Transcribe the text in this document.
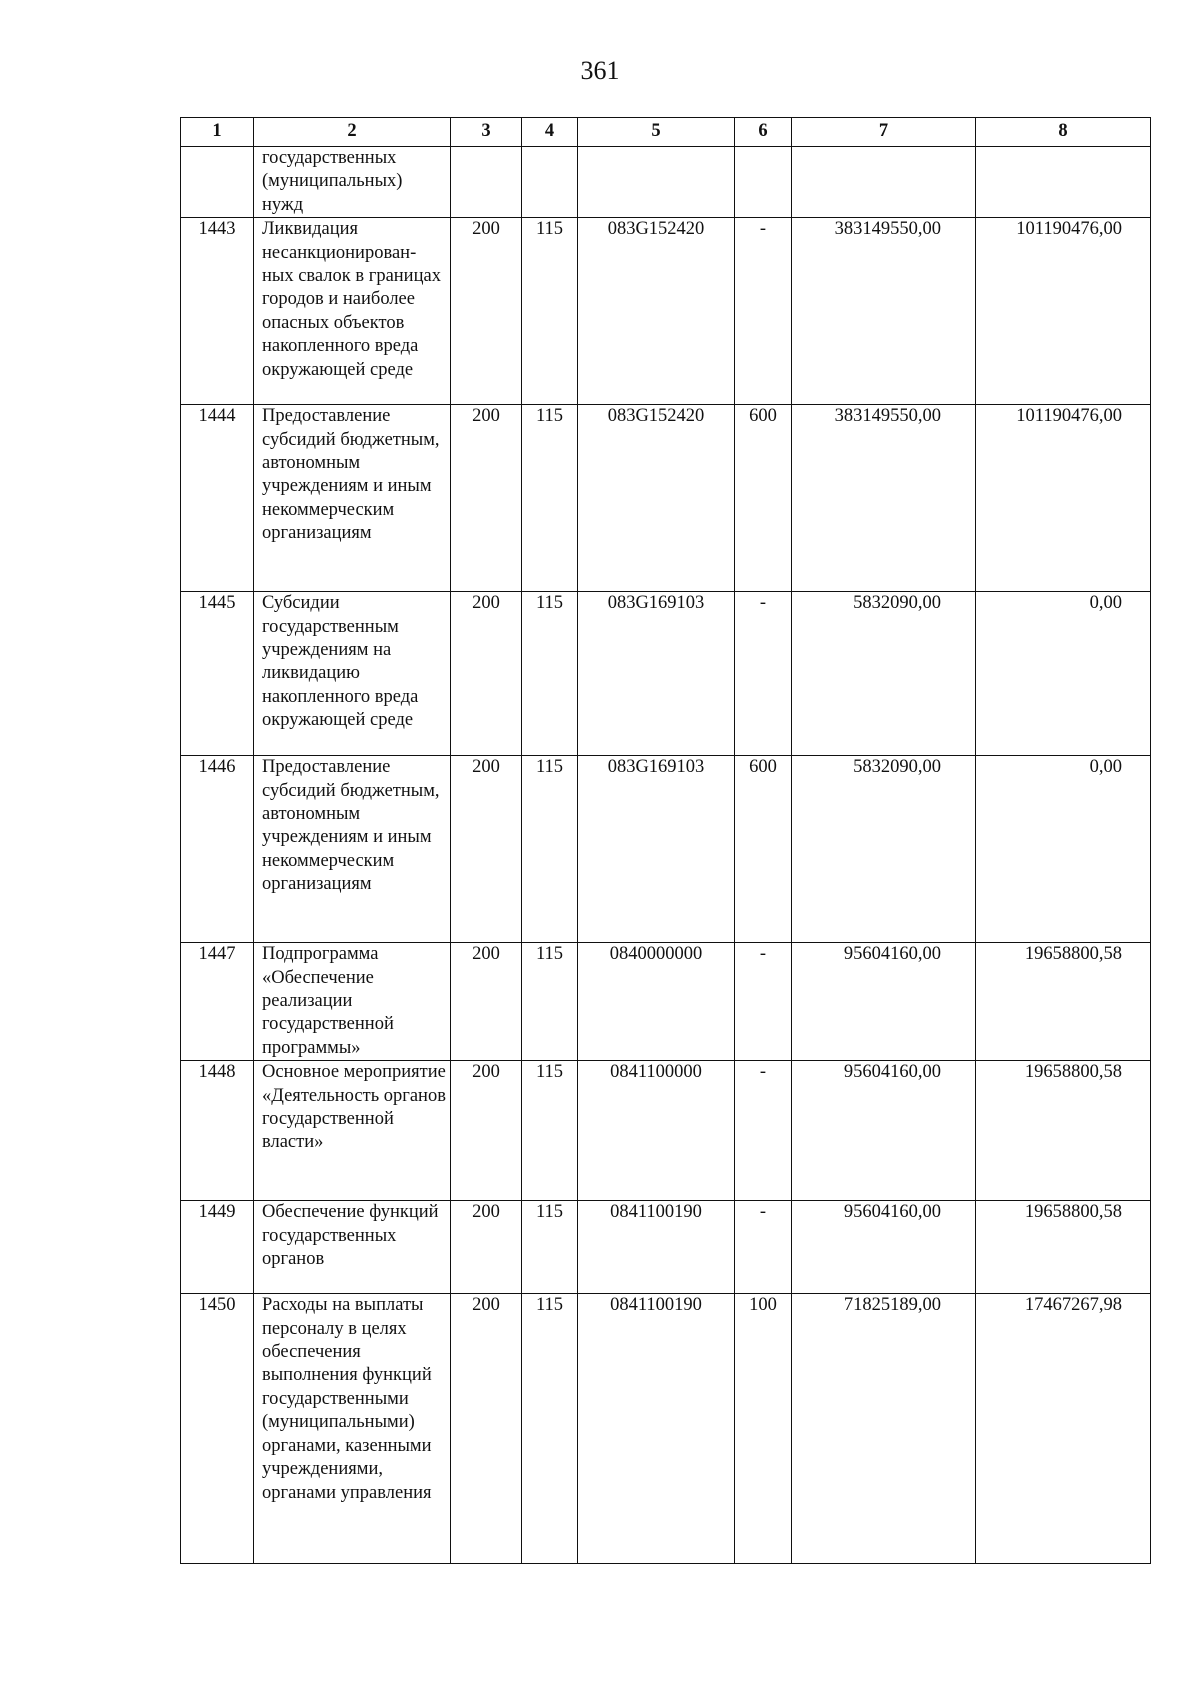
361
1	2	3	4	5	6	7	8
	государственных (муниципальных) нужд						
1443	Ликвидация несанкционирован-ных свалок в границах городов и наиболее опасных объектов накопленного вреда окружающей среде	200	115	083G152420	-	383149550,00	101190476,00
1444	Предоставление субсидий бюджетным, автономным учреждениям и иным некоммерческим организациям	200	115	083G152420	600	383149550,00	101190476,00
1445	Субсидии государственным учреждениям на ликвидацию накопленного вреда окружающей среде	200	115	083G169103	-	5832090,00	0,00
1446	Предоставление субсидий бюджетным, автономным учреждениям и иным некоммерческим организациям	200	115	083G169103	600	5832090,00	0,00
1447	Подпрограмма «Обеспечение реализации государственной программы»	200	115	0840000000	-	95604160,00	19658800,58
1448	Основное мероприятие «Деятельность органов государственной власти»	200	115	0841100000	-	95604160,00	19658800,58
1449	Обеспечение функций государственных органов	200	115	0841100190	-	95604160,00	19658800,58
1450	Расходы на выплаты персоналу в целях обеспечения выполнения функций государственными (муниципальными) органами, казенными учреждениями, органами управления	200	115	0841100190	100	71825189,00	17467267,98
